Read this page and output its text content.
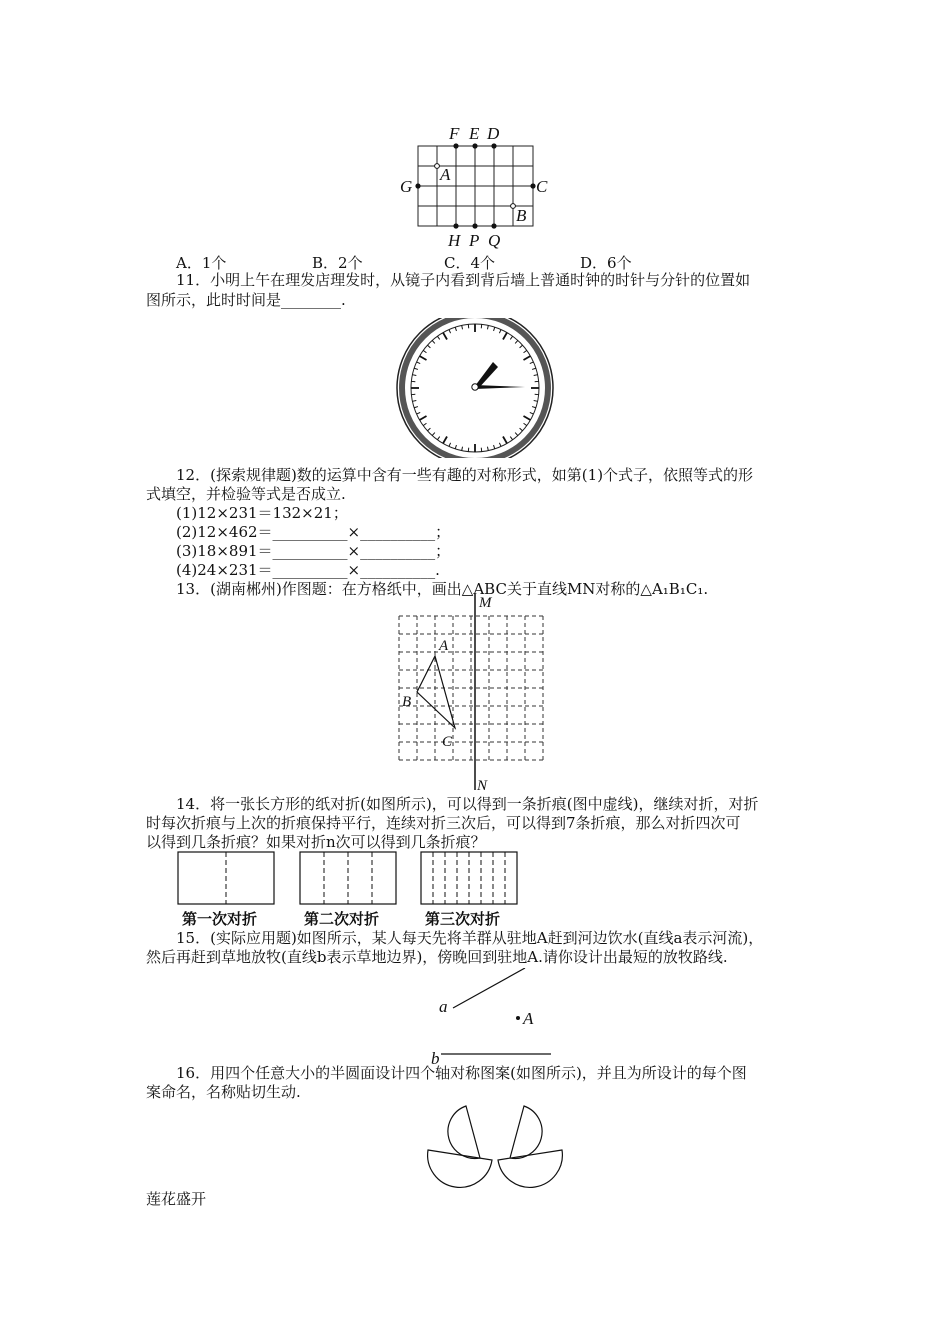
F E D
A
G	C
B
H P Q
A．1个	B．2个	C．4个	D．6个
11．小明上午在理发店理发时，从镜子内看到背后墙上普通时钟的时针与分针的位置如
图所示，此时时间是________.
12．(探索规律题)数的运算中含有一些有趣的对称形式，如第(1)个式子，依照等式的形
式填空，并检验等式是否成立.
(1)12×231＝132×21；
(2)12×462＝__________×__________；
(3)18×891＝__________×__________；
(4)24×231＝__________×__________.
13．(湖南郴州)作图题：在方格纸中，画出△ABC关于直线MN对称的△A₁B₁C₁.
M
N
A
B
C
14．将一张长方形的纸对折(如图所示)，可以得到一条折痕(图中虚线)，继续对折，对折
时每次折痕与上次的折痕保持平行，连续对折三次后，可以得到7条折痕，那么对折四次可
以得到几条折痕？如果对折n次可以得到几条折痕？
第一次对折	第二次对折	第三次对折
15．(实际应用题)如图所示，某人每天先将羊群从驻地A赶到河边饮水(直线a表示河流)，
然后再赶到草地放牧(直线b表示草地边界)，傍晚回到驻地A.请你设计出最短的放牧路线.
a
A
b
16．用四个任意大小的半圆面设计四个轴对称图案(如图所示)，并且为所设计的每个图
案命名，名称贴切生动.
莲花盛开
